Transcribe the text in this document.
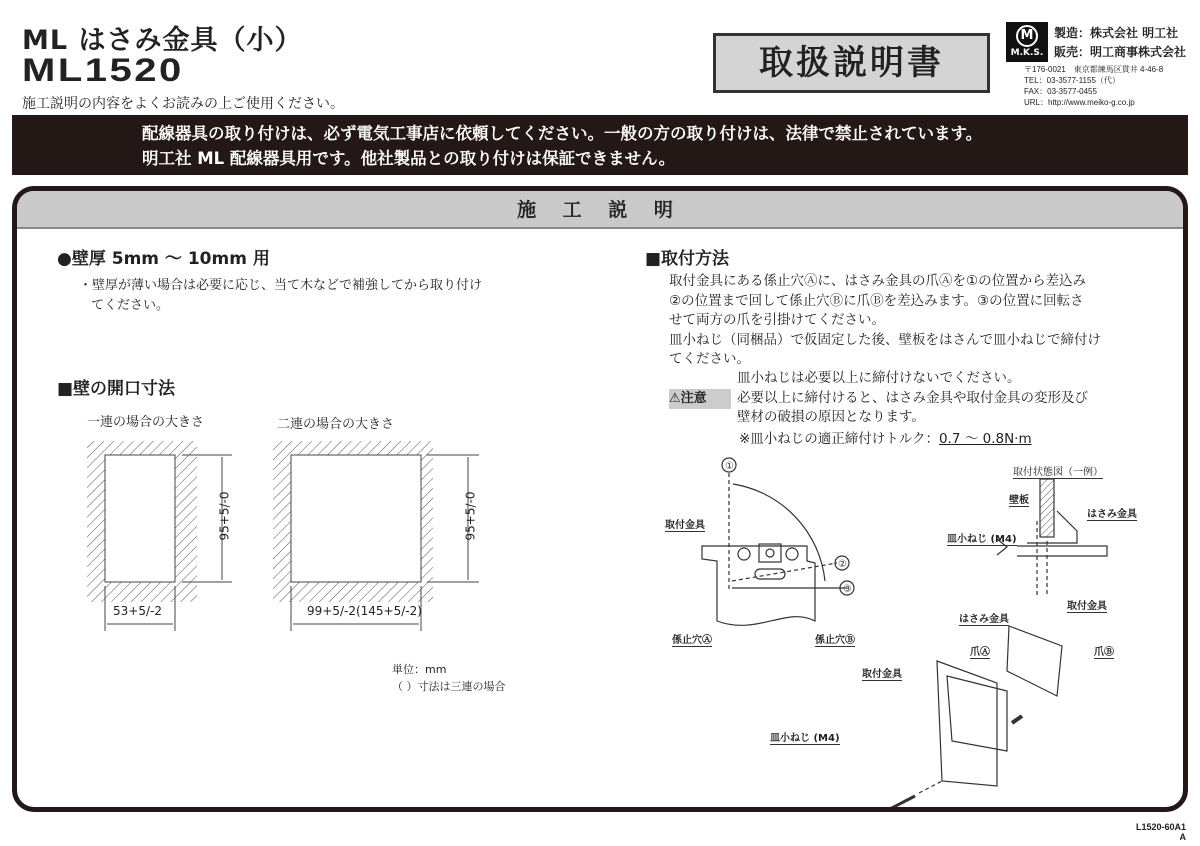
ML はさみ金具（小）
ML1520
施工説明の内容をよくお読みの上ご使用ください。
取扱説明書
M
M.K.S.
製造：株式会社 明工社
販売：明工商事株式会社
〒176-0021　東京都練馬区貫井 4-46-8
TEL：03-3577-1155（代）
FAX：03-3577-0455
URL：http://www.meiko-g.co.jp
配線器具の取り付けは、必ず電気工事店に依頼してください。一般の方の取り付けは、法律で禁止されています。
明工社 ML 配線器具用です。他社製品との取り付けは保証できません。
施 工 説 明
●壁厚 5mm ～ 10mm 用
・壁厚が薄い場合は必要に応じ、当て木などで補強してから取り付け
てください。
■壁の開口寸法
一連の場合の大きさ	二連の場合の大きさ
95+5/-0	95+5/-0
53+5/-2	99+5/-2(145+5/-2)
単位：mm
（ ）寸法は三連の場合
■取付方法
取付金具にある係止穴Ⓐに、はさみ金具の爪Ⓐを①の位置から差込み
②の位置まで回して係止穴Ⓑに爪Ⓑを差込みます。③の位置に回転さ
せて両方の爪を引掛けてください。
皿小ねじ（同梱品）で仮固定した後、壁板をはさんで皿小ねじで締付け
てください。
⚠注意
皿小ねじは必要以上に締付けないでください。
必要以上に締付けると、はさみ金具や取付金具の変形及び
壁材の破損の原因となります。
※皿小ねじの適正締付けトルク：0.7 ～ 0.8N·m
①
②
③
取付金具
係止穴Ⓐ	係止穴Ⓑ
取付状態図（一例）
壁板
はさみ金具
皿小ねじ (M4)
取付金具
はさみ金具
爪Ⓐ	爪Ⓑ
取付金具
皿小ねじ (M4)
L1520-60A1
A
